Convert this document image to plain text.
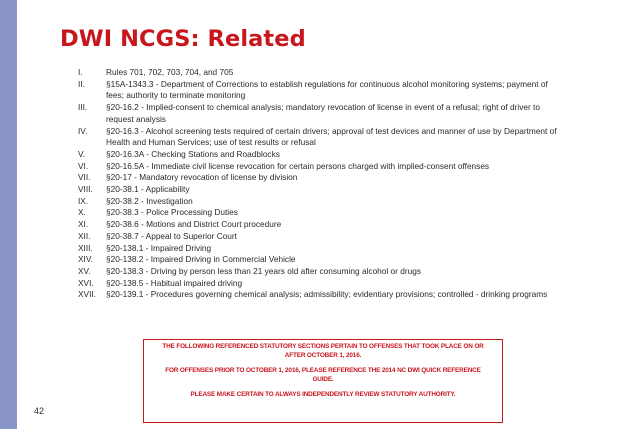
DWI NCGS: Related
I.	Rules 701, 702, 703, 704, and 705
II.	§15A-1343.3 - Department of Corrections to establish regulations for continuous alcohol monitoring systems; payment of fees; authority to terminate monitoring
III.	§20-16.2 - Implied-consent to chemical analysis; mandatory revocation of license in event of a refusal; right of driver to request analysis
IV.	§20-16.3 - Alcohol screening tests required of certain drivers; approval of test devices and manner of use by Department of Health and Human Services; use of test results or refusal
V.	§20-16.3A - Checking Stations and Roadblocks
VI.	§20-16.5A - Immediate civil license revocation for certain persons charged with implied-consent offenses
VII.	§20-17 - Mandatory revocation of license by division
VIII.	§20-38.1 - Applicability
IX.	§20-38.2 - Investigation
X.	§20-38.3 - Police Processing Duties
XI.	§20-38.6 - Motions and District Court procedure
XII.	§20-38.7 - Appeal to Superior Court
XIII.	§20-138.1 - Impaired Driving
XIV.	§20-138.2 - Impaired Driving in Commercial Vehicle
XV.	§20-138.3 - Driving by person less than 21 years old after consuming alcohol or drugs
XVI.	§20-138.5 - Habitual impaired driving
XVII.	§20-139.1 - Procedures governing chemical analysis; admissibility; evidentiary provisions; controlled - drinking programs

THE FOLLOWING REFERENCED STATUTORY SECTIONS PERTAIN TO OFFENSES THAT TOOK PLACE ON OR AFTER OCTOBER 1, 2016.

FOR OFFENSES PRIOR TO OCTOBER 1, 2016, PLEASE REFERENCE THE 2014 NC DWI QUICK REFERENCE GUIDE.

PLEASE MAKE CERTAIN TO ALWAYS INDEPENDENTLY REVIEW STATUTORY AUTHORITY.

42
